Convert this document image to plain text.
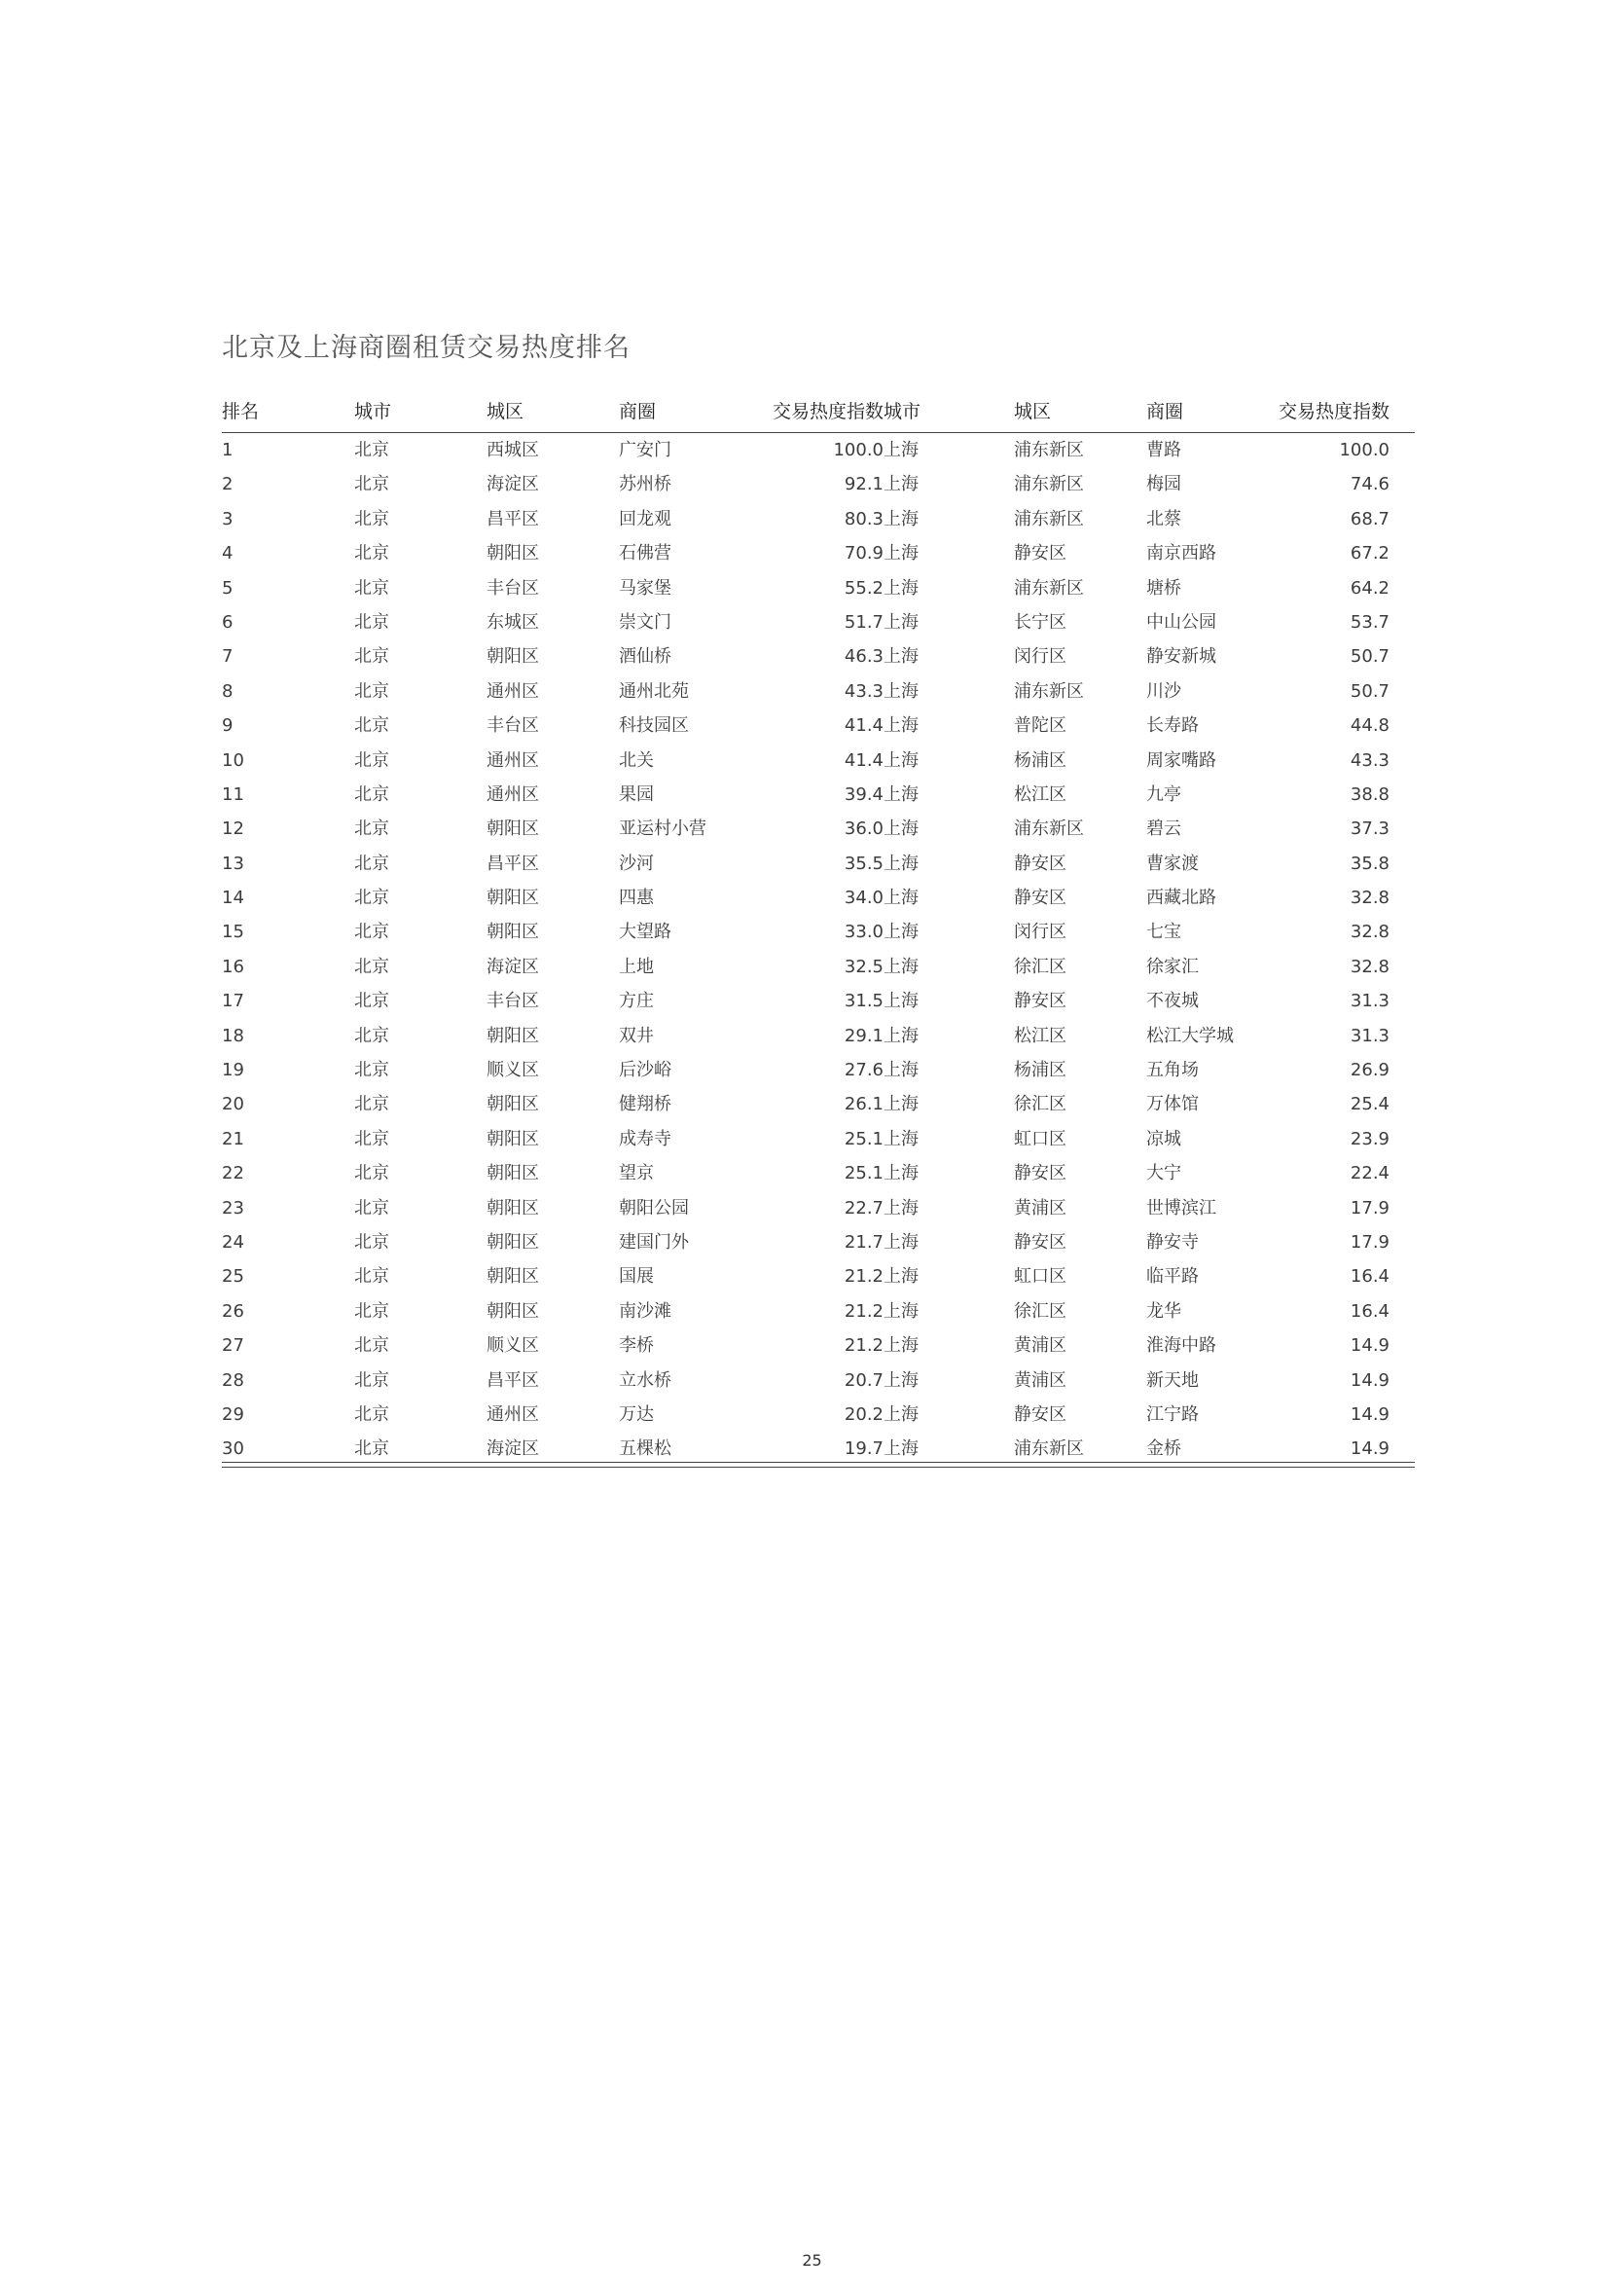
北京及上海商圈租赁交易热度排名
排名	城市	城区	商圈	交易热度指数 城市	城区	商圈	交易热度指数
1	北京	西城区	广安门	100.0 上海	浦东新区	曹路	100.0
2	北京	海淀区	苏州桥	92.1 上海	浦东新区	梅园	74.6
3	北京	昌平区	回龙观	80.3 上海	浦东新区	北蔡	68.7
4	北京	朝阳区	石佛营	70.9 上海	静安区	南京西路	67.2
5	北京	丰台区	马家堡	55.2 上海	浦东新区	塘桥	64.2
6	北京	东城区	崇文门	51.7 上海	长宁区	中山公园	53.7
7	北京	朝阳区	酒仙桥	46.3 上海	闵行区	静安新城	50.7
8	北京	通州区	通州北苑	43.3 上海	浦东新区	川沙	50.7
9	北京	丰台区	科技园区	41.4 上海	普陀区	长寿路	44.8
10	北京	通州区	北关	41.4 上海	杨浦区	周家嘴路	43.3
11	北京	通州区	果园	39.4 上海	松江区	九亭	38.8
12	北京	朝阳区	亚运村小营	36.0 上海	浦东新区	碧云	37.3
13	北京	昌平区	沙河	35.5 上海	静安区	曹家渡	35.8
14	北京	朝阳区	四惠	34.0 上海	静安区	西藏北路	32.8
15	北京	朝阳区	大望路	33.0 上海	闵行区	七宝	32.8
16	北京	海淀区	上地	32.5 上海	徐汇区	徐家汇	32.8
17	北京	丰台区	方庄	31.5 上海	静安区	不夜城	31.3
18	北京	朝阳区	双井	29.1 上海	松江区	松江大学城	31.3
19	北京	顺义区	后沙峪	27.6 上海	杨浦区	五角场	26.9
20	北京	朝阳区	健翔桥	26.1 上海	徐汇区	万体馆	25.4
21	北京	朝阳区	成寿寺	25.1 上海	虹口区	凉城	23.9
22	北京	朝阳区	望京	25.1 上海	静安区	大宁	22.4
23	北京	朝阳区	朝阳公园	22.7 上海	黄浦区	世博滨江	17.9
24	北京	朝阳区	建国门外	21.7 上海	静安区	静安寺	17.9
25	北京	朝阳区	国展	21.2 上海	虹口区	临平路	16.4
26	北京	朝阳区	南沙滩	21.2 上海	徐汇区	龙华	16.4
27	北京	顺义区	李桥	21.2 上海	黄浦区	淮海中路	14.9
28	北京	昌平区	立水桥	20.7 上海	黄浦区	新天地	14.9
29	北京	通州区	万达	20.2 上海	静安区	江宁路	14.9
30	北京	海淀区	五棵松	19.7 上海	浦东新区	金桥	14.9
25
